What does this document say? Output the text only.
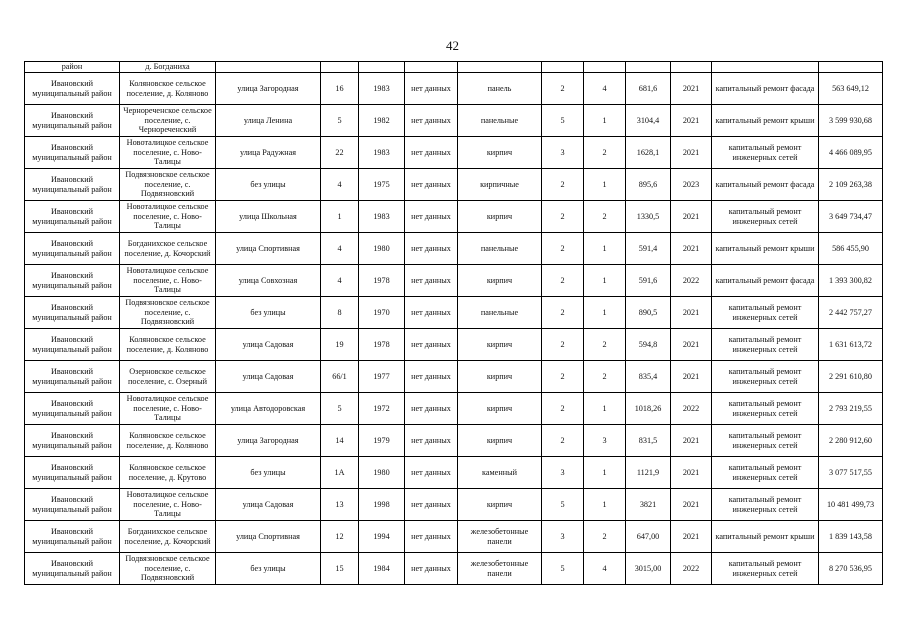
42
район	д. Богданиха											
Ивановский муниципальный район	Коляновское сельское поселение, д. Коляново	улица Загородная	16	1983	нет данных	панель	2	4	681,6	2021	капитальный ремонт фасада	563 649,12
Ивановский муниципальный район	Чернореченское сельское поселение, с. Чернореченский	улица Ленина	5	1982	нет данных	панельные	5	1	3104,4	2021	капитальный ремонт крыши	3 599 930,68
Ивановский муниципальный район	Новоталицкое сельское поселение, с. Ново-Талицы	улица Радужная	22	1983	нет данных	кирпич	3	2	1628,1	2021	капитальный ремонт инженерных сетей	4 466 089,95
Ивановский муниципальный район	Подвязновское сельское поселение, с. Подвязновский	без улицы	4	1975	нет данных	кирпичные	2	1	895,6	2023	капитальный ремонт фасада	2 109 263,38
Ивановский муниципальный район	Новоталицкое сельское поселение, с. Ново-Талицы	улица Школьная	1	1983	нет данных	кирпич	2	2	1330,5	2021	капитальный ремонт инженерных сетей	3 649 734,47
Ивановский муниципальный район	Богданихское сельское поселение, д. Кочорский	улица Спортивная	4	1980	нет данных	панельные	2	1	591,4	2021	капитальный ремонт крыши	586 455,90
Ивановский муниципальный район	Новоталицкое сельское поселение, с. Ново-Талицы	улица Совхозная	4	1978	нет данных	кирпич	2	1	591,6	2022	капитальный ремонт фасада	1 393 300,82
Ивановский муниципальный район	Подвязновское сельское поселение, с. Подвязновский	без улицы	8	1970	нет данных	панельные	2	1	890,5	2021	капитальный ремонт инженерных сетей	2 442 757,27
Ивановский муниципальный район	Коляновское сельское поселение, д. Коляново	улица Садовая	19	1978	нет данных	кирпич	2	2	594,8	2021	капитальный ремонт инженерных сетей	1 631 613,72
Ивановский муниципальный район	Озерновское сельское поселение, с. Озерный	улица Садовая	66/1	1977	нет данных	кирпич	2	2	835,4	2021	капитальный ремонт инженерных сетей	2 291 610,80
Ивановский муниципальный район	Новоталицкое сельское поселение, с. Ново-Талицы	улица Автодоровская	5	1972	нет данных	кирпич	2	1	1018,26	2022	капитальный ремонт инженерных сетей	2 793 219,55
Ивановский муниципальный район	Коляновское сельское поселение, д. Коляново	улица Загородная	14	1979	нет данных	кирпич	2	3	831,5	2021	капитальный ремонт инженерных сетей	2 280 912,60
Ивановский муниципальный район	Коляновское сельское поселение, д. Крутово	без улицы	1А	1980	нет данных	каменный	3	1	1121,9	2021	капитальный ремонт инженерных сетей	3 077 517,55
Ивановский муниципальный район	Новоталицкое сельское поселение, с. Ново-Талицы	улица Садовая	13	1998	нет данных	кирпич	5	1	3821	2021	капитальный ремонт инженерных сетей	10 481 499,73
Ивановский муниципальный район	Богданихское сельское поселение, д. Кочорский	улица Спортивная	12	1994	нет данных	железобетонные панели	3	2	647,00	2021	капитальный ремонт крыши	1 839 143,58
Ивановский муниципальный район	Подвязновское сельское поселение, с. Подвязновский	без улицы	15	1984	нет данных	железобетонные панели	5	4	3015,00	2022	капитальный ремонт инженерных сетей	8 270 536,95
